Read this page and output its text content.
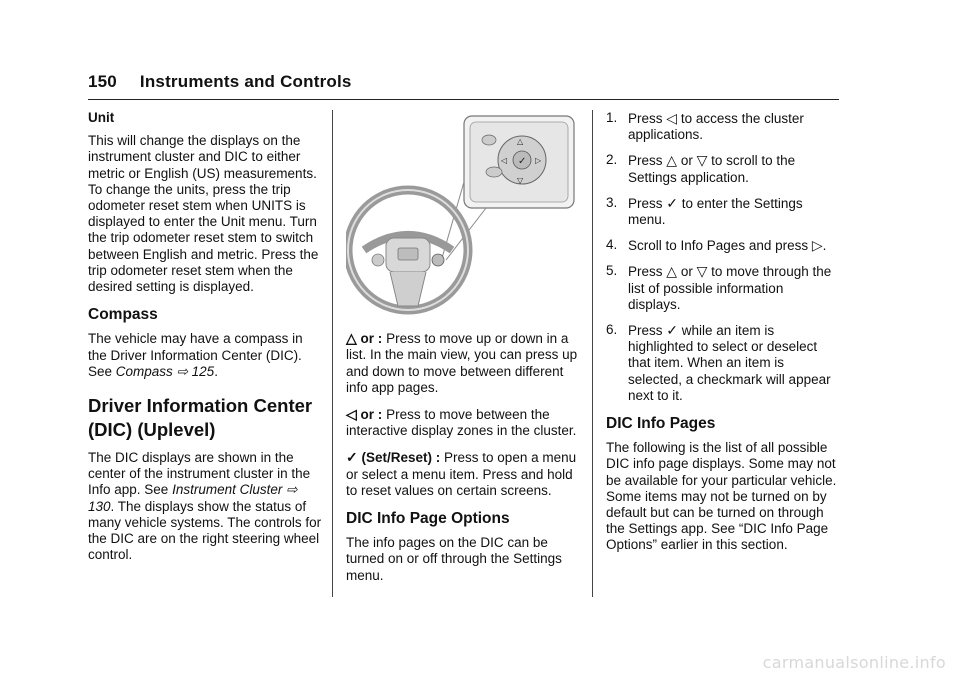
150 Instruments and Controls
Unit

This will change the displays on the instrument cluster and DIC to either metric or English (US) measurements. To change the units, press the trip odometer reset stem when UNITS is displayed to enter the Unit menu. Turn the trip odometer reset stem to switch between English and metric. Press the trip odometer reset stem when the desired setting is displayed.

Compass

The vehicle may have a compass in the Driver Information Center (DIC). See Compass ⇨ 125.

Driver Information Center
(DIC) (Uplevel)

The DIC displays are shown in the center of the instrument cluster in the Info app. See Instrument Cluster ⇨ 130. The displays show the status of many vehicle systems. The controls for the DIC are on the right steering wheel control.

✓
△
▽
◁	▷

△ or : Press to move up or down in a list. In the main view, you can press up and down to move between different info app pages.

◁ or : Press to move between the interactive display zones in the cluster.

✓ (Set/Reset) : Press to open a menu or select a menu item. Press and hold to reset values on certain screens.

DIC Info Page Options

The info pages on the DIC can be turned on or off through the Settings menu.

1. Press ◁ to access the cluster applications.
2. Press △ or ▽ to scroll to the Settings application.
3. Press ✓ to enter the Settings menu.
4. Scroll to Info Pages and press ▷.
5. Press △ or ▽ to move through the list of possible information displays.
6. Press ✓ while an item is highlighted to select or deselect that item. When an item is selected, a checkmark will appear next to it.
DIC Info Pages

The following is the list of all possible DIC info page displays. Some may not be available for your particular vehicle. Some items may not be turned on by default but can be turned on through the Settings app. See “DIC Info Page Options” earlier in this section.

carmanualsonline.info
